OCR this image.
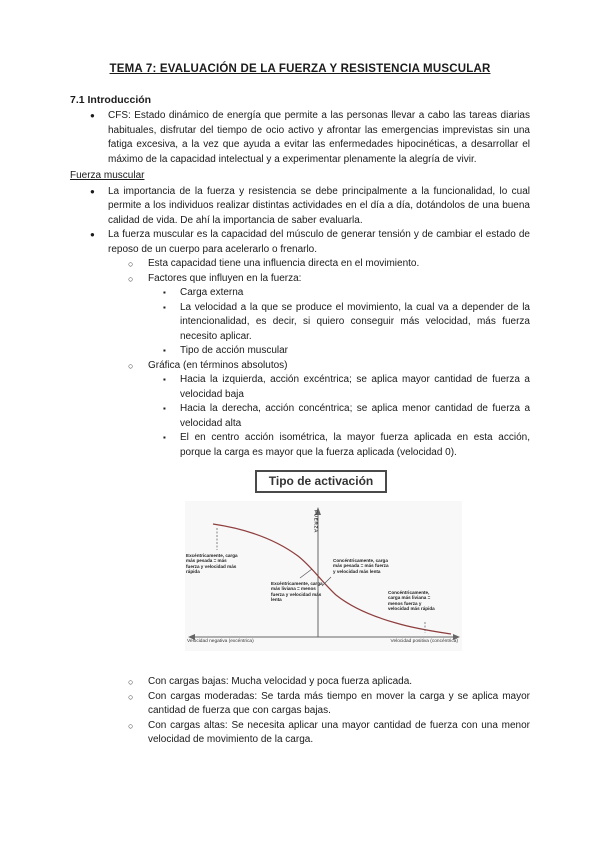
TEMA 7: EVALUACIÓN DE LA FUERZA Y RESISTENCIA MUSCULAR
7.1 Introducción
●	CFS: Estado dinámico de energía que permite a las personas llevar a cabo las tareas diarias habituales, disfrutar del tiempo de ocio activo y afrontar las emergencias imprevistas sin una fatiga excesiva, a la vez que ayuda a evitar las enfermedades hipocinéticas, a desarrollar el máximo de la capacidad intelectual y a experimentar plenamente la alegría de vivir.
Fuerza muscular
●	La importancia de la fuerza y resistencia se debe principalmente a la funcionalidad, lo cual permite a los individuos realizar distintas actividades en el día a día, dotándolos de una buena calidad de vida. De ahí la importancia de saber evaluarla.
●	La fuerza muscular es la capacidad del músculo de generar tensión y de cambiar el estado de reposo de un cuerpo para acelerarlo o frenarlo.
○	Esta capacidad tiene una influencia directa en el movimiento.
○	Factores que influyen en la fuerza:
▪	Carga externa
▪	La velocidad a la que se produce el movimiento, la cual va a depender de la intencionalidad, es decir, si quiero conseguir más velocidad, más fuerza necesito aplicar.
▪	Tipo de acción muscular
○	Gráfica (en términos absolutos)
▪	Hacia la izquierda, acción excéntrica; se aplica mayor cantidad de fuerza a velocidad baja
▪	Hacia la derecha, acción concéntrica; se aplica menor cantidad de fuerza a velocidad alta
▪	El en centro acción isométrica, la mayor fuerza aplicada en esta acción, porque la carga es mayor que la fuerza aplicada (velocidad 0).
Tipo de activación
FUERZA
Excéntricamente, carga más pesada = más fuerza y velocidad más rápida
Excéntricamente, carga más liviana = menos fuerza y velocidad más lenta
Concéntricamente, carga más pesada = más fuerza y velocidad más lenta
Concéntricamente, carga más liviana = menos fuerza y velocidad más rápida
Velocidad negativa (excéntrica)	Velocidad positiva (concéntrica)
○	Con cargas bajas: Mucha velocidad y poca fuerza aplicada.
○	Con cargas moderadas: Se tarda más tiempo en mover la carga y se aplica mayor cantidad de fuerza que con cargas bajas.
○	Con cargas altas: Se necesita aplicar una mayor cantidad de fuerza con una menor velocidad de movimiento de la carga.
